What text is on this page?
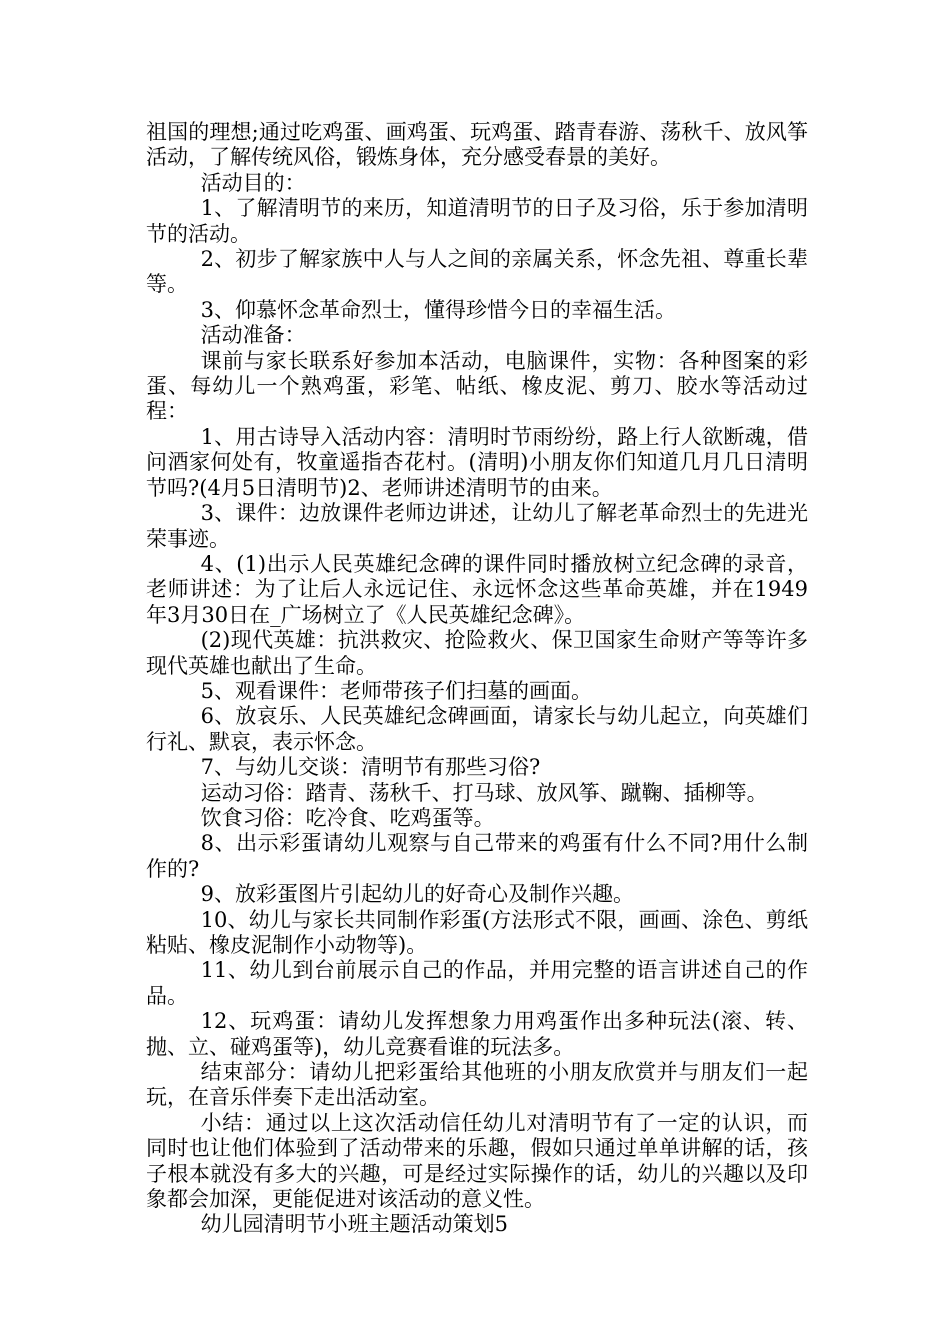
祖国的理想;通过吃鸡蛋、画鸡蛋、玩鸡蛋、踏青春游、荡秋千、放风筝活动，了解传统风俗，锻炼身体，充分感受春景的美好。

活动目的：

1、了解清明节的来历，知道清明节的日子及习俗，乐于参加清明节的活动。

2、初步了解家族中人与人之间的亲属关系，怀念先祖、尊重长辈等。

3、仰慕怀念革命烈士，懂得珍惜今日的幸福生活。

活动准备：

课前与家长联系好参加本活动，电脑课件，实物：各种图案的彩蛋、每幼儿一个熟鸡蛋，彩笔、帖纸、橡皮泥、剪刀、胶水等活动过程：

1、用古诗导入活动内容：清明时节雨纷纷，路上行人欲断魂，借问酒家何处有，牧童遥指杏花村。(清明)小朋友你们知道几月几日清明节吗?(4月5日清明节)2、老师讲述清明节的由来。

3、课件：边放课件老师边讲述，让幼儿了解老革命烈士的先进光荣事迹。

4、(1)出示人民英雄纪念碑的课件同时播放树立纪念碑的录音，老师讲述：为了让后人永远记住、永远怀念这些革命英雄，并在1949年3月30日在_广场树立了《人民英雄纪念碑》。

(2)现代英雄：抗洪救灾、抢险救火、保卫国家生命财产等等许多现代英雄也献出了生命。

5、观看课件：老师带孩子们扫墓的画面。

6、放哀乐、人民英雄纪念碑画面，请家长与幼儿起立，向英雄们行礼、默哀，表示怀念。

7、与幼儿交谈：清明节有那些习俗?

运动习俗：踏青、荡秋千、打马球、放风筝、蹴鞠、插柳等。

饮食习俗：吃冷食、吃鸡蛋等。

8、出示彩蛋请幼儿观察与自己带来的鸡蛋有什么不同?用什么制作的?

9、放彩蛋图片引起幼儿的好奇心及制作兴趣。

10、幼儿与家长共同制作彩蛋(方法形式不限，画画、涂色、剪纸粘贴、橡皮泥制作小动物等)。

11、幼儿到台前展示自己的作品，并用完整的语言讲述自己的作品。

12、玩鸡蛋：请幼儿发挥想象力用鸡蛋作出多种玩法(滚、转、抛、立、碰鸡蛋等)，幼儿竞赛看谁的玩法多。

结束部分：请幼儿把彩蛋给其他班的小朋友欣赏并与朋友们一起玩，在音乐伴奏下走出活动室。

小结：通过以上这次活动信任幼儿对清明节有了一定的认识，而同时也让他们体验到了活动带来的乐趣，假如只通过单单讲解的话，孩子根本就没有多大的兴趣，可是经过实际操作的话，幼儿的兴趣以及印象都会加深，更能促进对该活动的意义性。

幼儿园清明节小班主题活动策划5
